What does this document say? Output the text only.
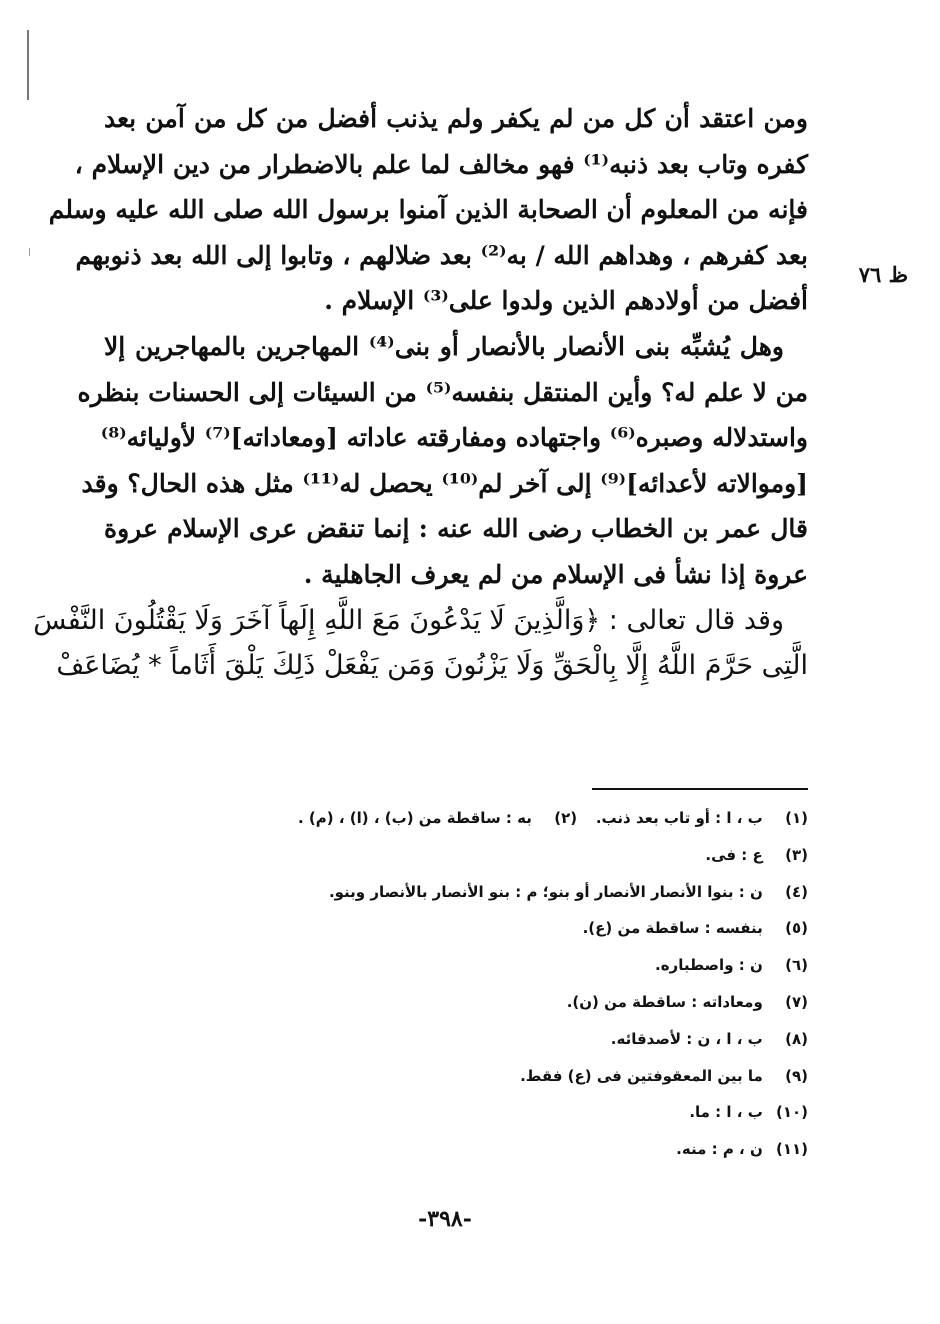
ظ ٧٦
ومن اعتقد أن كل من لم يكفر ولم يذنب أفضل من كل من آمن بعد
كفره وتاب بعد ذنبه⁽¹⁾ فهو مخالف لما علم بالاضطرار من دين الإسلام ،
فإنه من المعلوم أن الصحابة الذين آمنوا برسول الله صلى الله عليه وسلم
بعد كفرهم ، وهداهم الله / به⁽²⁾ بعد ضلالهم ، وتابوا إلى الله بعد ذنوبهم
أفضل من أولادهم الذين ولدوا على⁽³⁾ الإسلام .
وهل يُشبِّه بنى الأنصار بالأنصار أو بنى⁽⁴⁾ المهاجرين بالمهاجرين إلا
من لا علم له؟ وأين المنتقل بنفسه⁽⁵⁾ من السيئات إلى الحسنات بنظره
واستدلاله وصبره⁽⁶⁾ واجتهاده ومفارقته عاداته [ومعاداته]⁽⁷⁾ لأوليائه⁽⁸⁾
[وموالاته لأعدائه]⁽⁹⁾ إلى آخر لم⁽¹⁰⁾ يحصل له⁽¹¹⁾ مثل هذه الحال؟ وقد
قال عمر بن الخطاب رضى الله عنه : إنما تنقض عرى الإسلام عروة
عروة إذا نشأ فى الإسلام من لم يعرف الجاهلية .
وقد قال تعالى : ﴿وَالَّذِينَ لَا يَدْعُونَ مَعَ اللَّهِ إِلَهاً آخَرَ وَلَا يَقْتُلُونَ النَّفْسَ
الَّتِى حَرَّمَ اللَّهُ إِلَّا بِالْحَقِّ وَلَا يَزْنُونَ وَمَن يَفْعَلْ ذَلِكَ يَلْقَ أَثَاماً * يُضَاعَفْ
(١) ب ، ا : أو تاب بعد ذنب.
(٢) به : ساقطة من (ب) ، (ا) ، (م) .
(٣) ع : فى.
(٤) ن : بنوا الأنصار الأنصار أو بنو؛ م : بنو الأنصار بالأنصار وبنو.
(٥) بنفسه : ساقطة من (ع).
(٦) ن : واصطباره.
(٧) ومعاداته : ساقطة من (ن).
(٨) ب ، ا ، ن : لأصدقائه.
(٩) ما بين المعقوفتين فى (ع) فقط.
(١٠) ب ، ا : ما.
(١١) ن ، م : منه.
-٣٩٨-
